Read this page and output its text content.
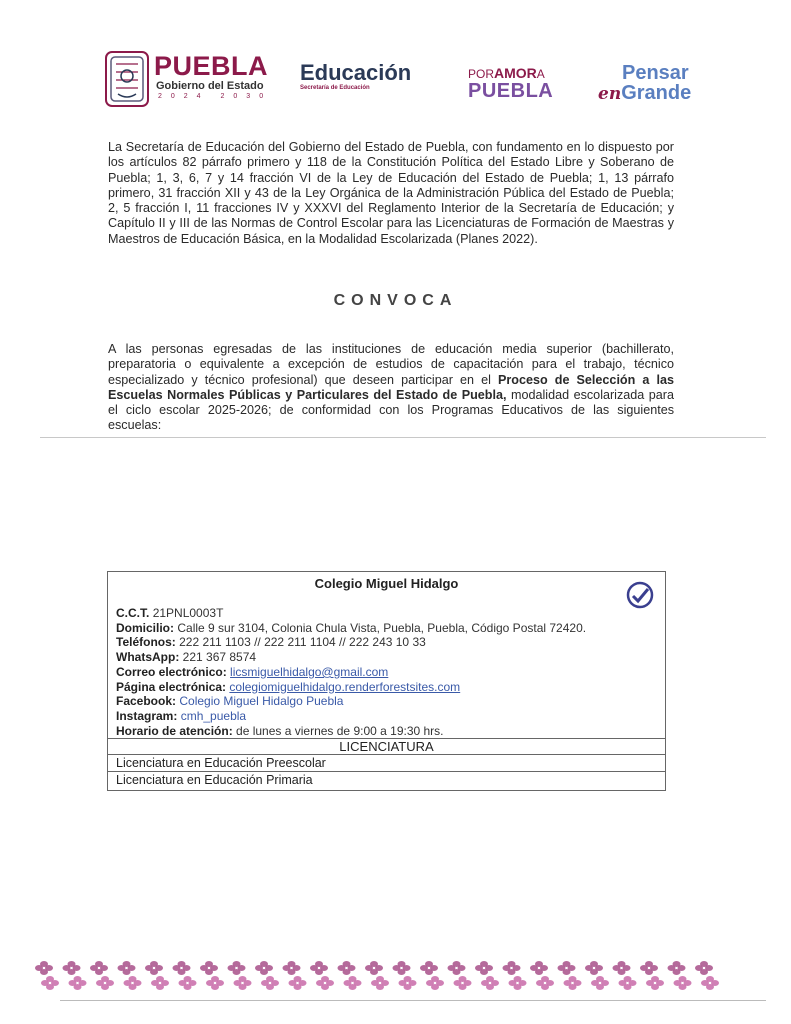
PUEBLA
Gobierno del Estado
2024 2030
Educación
Secretaría de Educación
PORAMORA
PUEBLA
Pensar
enGrande
La Secretaría de Educación del Gobierno del Estado de Puebla, con fundamento en lo dispuesto por los artículos 82 párrafo primero y 118 de la Constitución Política del Estado Libre y Soberano de Puebla; 1, 3, 6, 7 y 14 fracción VI de la Ley de Educación del Estado de Puebla; 1, 13 párrafo primero, 31 fracción XII y 43 de la Ley Orgánica de la Administración Pública del Estado de Puebla; 2, 5 fracción I, 11 fracciones IV y XXXVI del Reglamento Interior de la Secretaría de Educación; y Capítulo II y III de las Normas de Control Escolar para las Licenciaturas de Formación de Maestras y Maestros de Educación Básica, en la Modalidad Escolarizada (Planes 2022).
CONVOCA
A las personas egresadas de las instituciones de educación media superior (bachillerato, preparatoria o equivalente a excepción de estudios de capacitación para el trabajo, técnico especializado y técnico profesional) que deseen participar en el Proceso de Selección a las Escuelas Normales Públicas y Particulares del Estado de Puebla, modalidad escolarizada para el ciclo escolar 2025-2026; de conformidad con los Programas Educativos de las siguientes escuelas:
Colegio Miguel Hidalgo
C.C.T. 21PNL0003T
Domicilio: Calle 9 sur 3104, Colonia Chula Vista, Puebla, Puebla, Código Postal 72420.
Teléfonos: 222 211 1103 // 222 211 1104 // 222 243 10 33
WhatsApp: 221 367 8574
Correo electrónico: licsmiguelhidalgo@gmail.com
Página electrónica: colegiomiguelhidalgo.renderforestsites.com
Facebook: Colegio Miguel Hidalgo Puebla
Instagram: cmh_puebla
Horario de atención: de lunes a viernes de 9:00 a 19:30 hrs.
LICENCIATURA
Licenciatura en Educación Preescolar
Licenciatura en Educación Primaria
